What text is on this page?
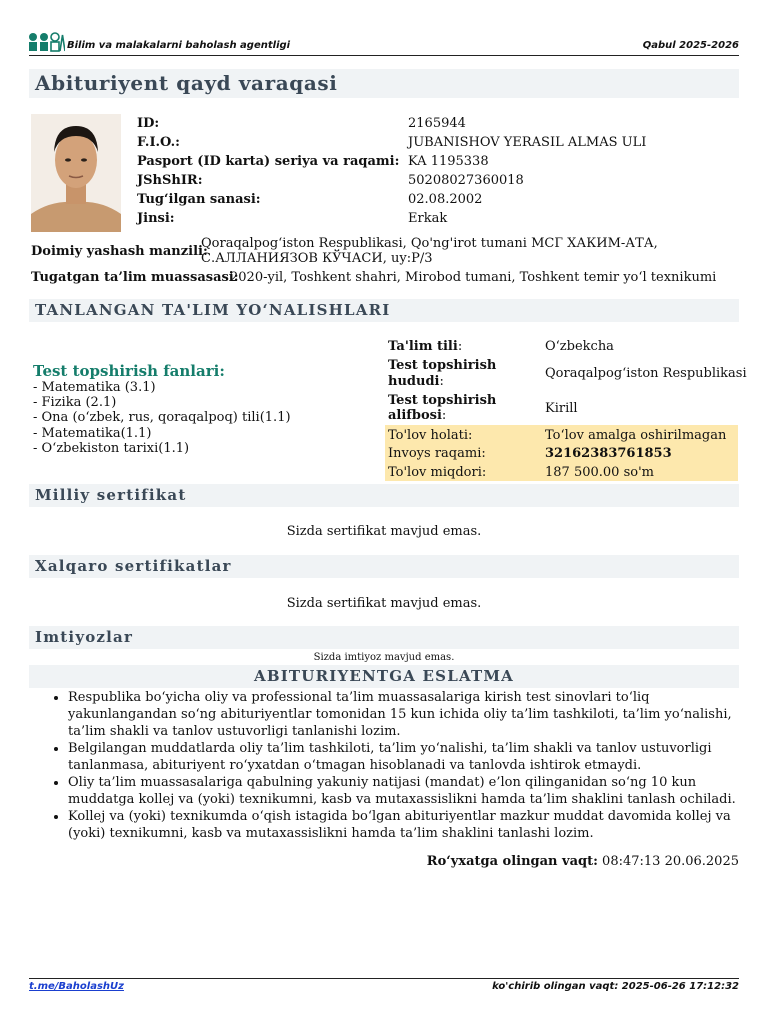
Bilim va malakalarni baholash agentligi	Qabul 2025-2026
Abituriyent qayd varaqasi
ID:	2165944
F.I.O.:	JUBANISHOV YERASIL ALMAS ULI
Pasport (ID karta) seriya va raqami: KA 1195338
JShShIR:	50208027360018
Tug‘ilgan sanasi:	02.08.2002
Jinsi:	Erkak
Doimiy yashash manzili:
Qoraqalpog‘iston Respublikasi, Qo'ng'irot tumani МСГ ХАКИМ-АТА,
С.АЛЛАНИЯЗОВ КЎЧАСИ, uy:P/3
Tugatgan ta’lim muassasasi:
2020-yil, Toshkent shahri, Mirobod tumani, Toshkent temir yo‘l texnikumi
TANLANGAN TA'LIM YO‘NALISHLARI
Test topshirish fanlari:
- Matematika (3.1)
- Fizika (2.1)
- Ona (o‘zbek, rus, qoraqalpoq) tili(1.1)
- Matematika(1.1)
- O‘zbekiston tarixi(1.1)
Ta'lim tili:	O‘zbekcha
Test topshirish
hududi:
Qoraqalpog‘iston Respublikasi
Test topshirish
alifbosi:	Kirill
To'lov holati:	To‘lov amalga oshirilmagan
Invoys raqami:	32162383761853
To'lov miqdori:	187 500.00 so'm
Milliy sertifikat
Sizda sertifikat mavjud emas.
Xalqaro sertifikatlar
Sizda sertifikat mavjud emas.
Imtiyozlar
Sizda imtiyoz mavjud emas.
ABITURIYENTGA ESLATMA
• Respublika bo‘yicha oliy va professional ta’lim muassasalariga kirish test sinovlari to‘liq yakunlangandan so‘ng abituriyentlar tomonidan 15 kun ichida oliy ta’lim tashkiloti, ta’lim yo‘nalishi, ta’lim shakli va tanlov ustuvorligi tanlanishi lozim.
• Belgilangan muddatlarda oliy ta’lim tashkiloti, ta’lim yo‘nalishi, ta’lim shakli va tanlov ustuvorligi tanlanmasa, abituriyent ro‘yxatdan o‘tmagan hisoblanadi va tanlovda ishtirok etmaydi.
• Oliy ta’lim muassasalariga qabulning yakuniy natijasi (mandat) e’lon qilinganidan so‘ng 10 kun muddatga kollej va (yoki) texnikumni, kasb va mutaxassislikni hamda ta’lim shaklini tanlash ochiladi.
• Kollej va (yoki) texnikumda o‘qish istagida bo‘lgan abituriyentlar mazkur muddat davomida kollej va (yoki) texnikumni, kasb va mutaxassislikni hamda ta’lim shaklini tanlashi lozim.
Ro‘yxatga olingan vaqt: 08:47:13 20.06.2025
t.me/BaholashUz	ko'chirib olingan vaqt: 2025-06-26 17:12:32
